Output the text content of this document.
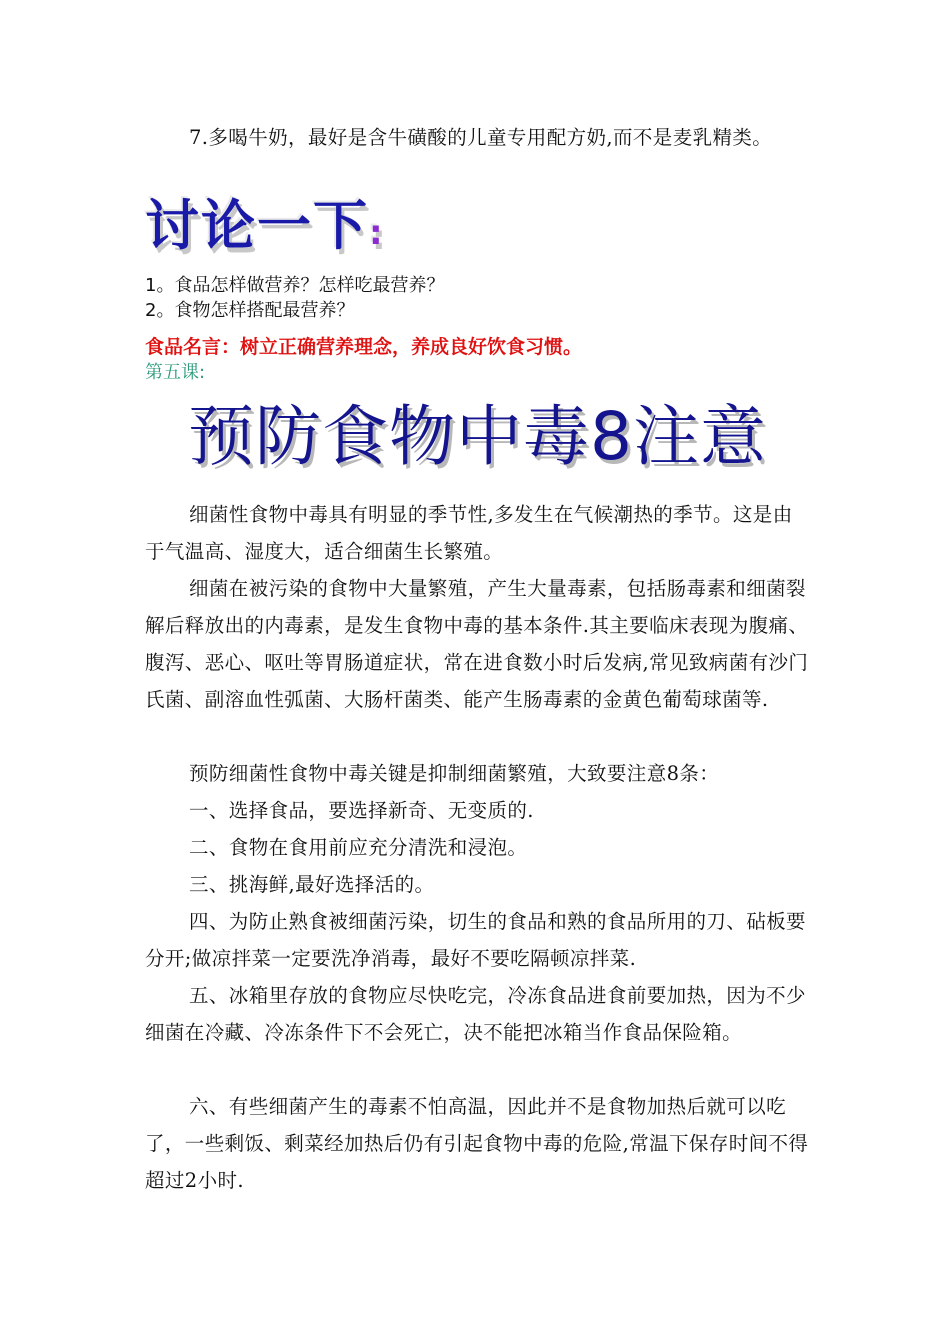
7.多喝牛奶，最好是含牛磺酸的儿童专用配方奶,而不是麦乳精类。

讨论一下:

1。食品怎样做营养？怎样吃最营养？

2。食物怎样搭配最营养？

食品名言：树立正确营养理念，养成良好饮食习惯。

第五课:

预防食物中毒8注意

细菌性食物中毒具有明显的季节性,多发生在气候潮热的季节。这是由于气温高、湿度大，适合细菌生长繁殖。

细菌在被污染的食物中大量繁殖，产生大量毒素，包括肠毒素和细菌裂解后释放出的内毒素，是发生食物中毒的基本条件.其主要临床表现为腹痛、腹泻、恶心、呕吐等胃肠道症状，常在进食数小时后发病,常见致病菌有沙门氏菌、副溶血性弧菌、大肠杆菌类、能产生肠毒素的金黄色葡萄球菌等.

预防细菌性食物中毒关键是抑制细菌繁殖，大致要注意8条：

一、选择食品，要选择新奇、无变质的.

二、食物在食用前应充分清洗和浸泡。

三、挑海鲜,最好选择活的。

四、为防止熟食被细菌污染，切生的食品和熟的食品所用的刀、砧板要分开;做凉拌菜一定要洗净消毒，最好不要吃隔顿凉拌菜.

五、冰箱里存放的食物应尽快吃完，冷冻食品进食前要加热，因为不少细菌在冷藏、冷冻条件下不会死亡，决不能把冰箱当作食品保险箱。

六、有些细菌产生的毒素不怕高温，因此并不是食物加热后就可以吃了，一些剩饭、剩菜经加热后仍有引起食物中毒的危险,常温下保存时间不得超过2小时.
